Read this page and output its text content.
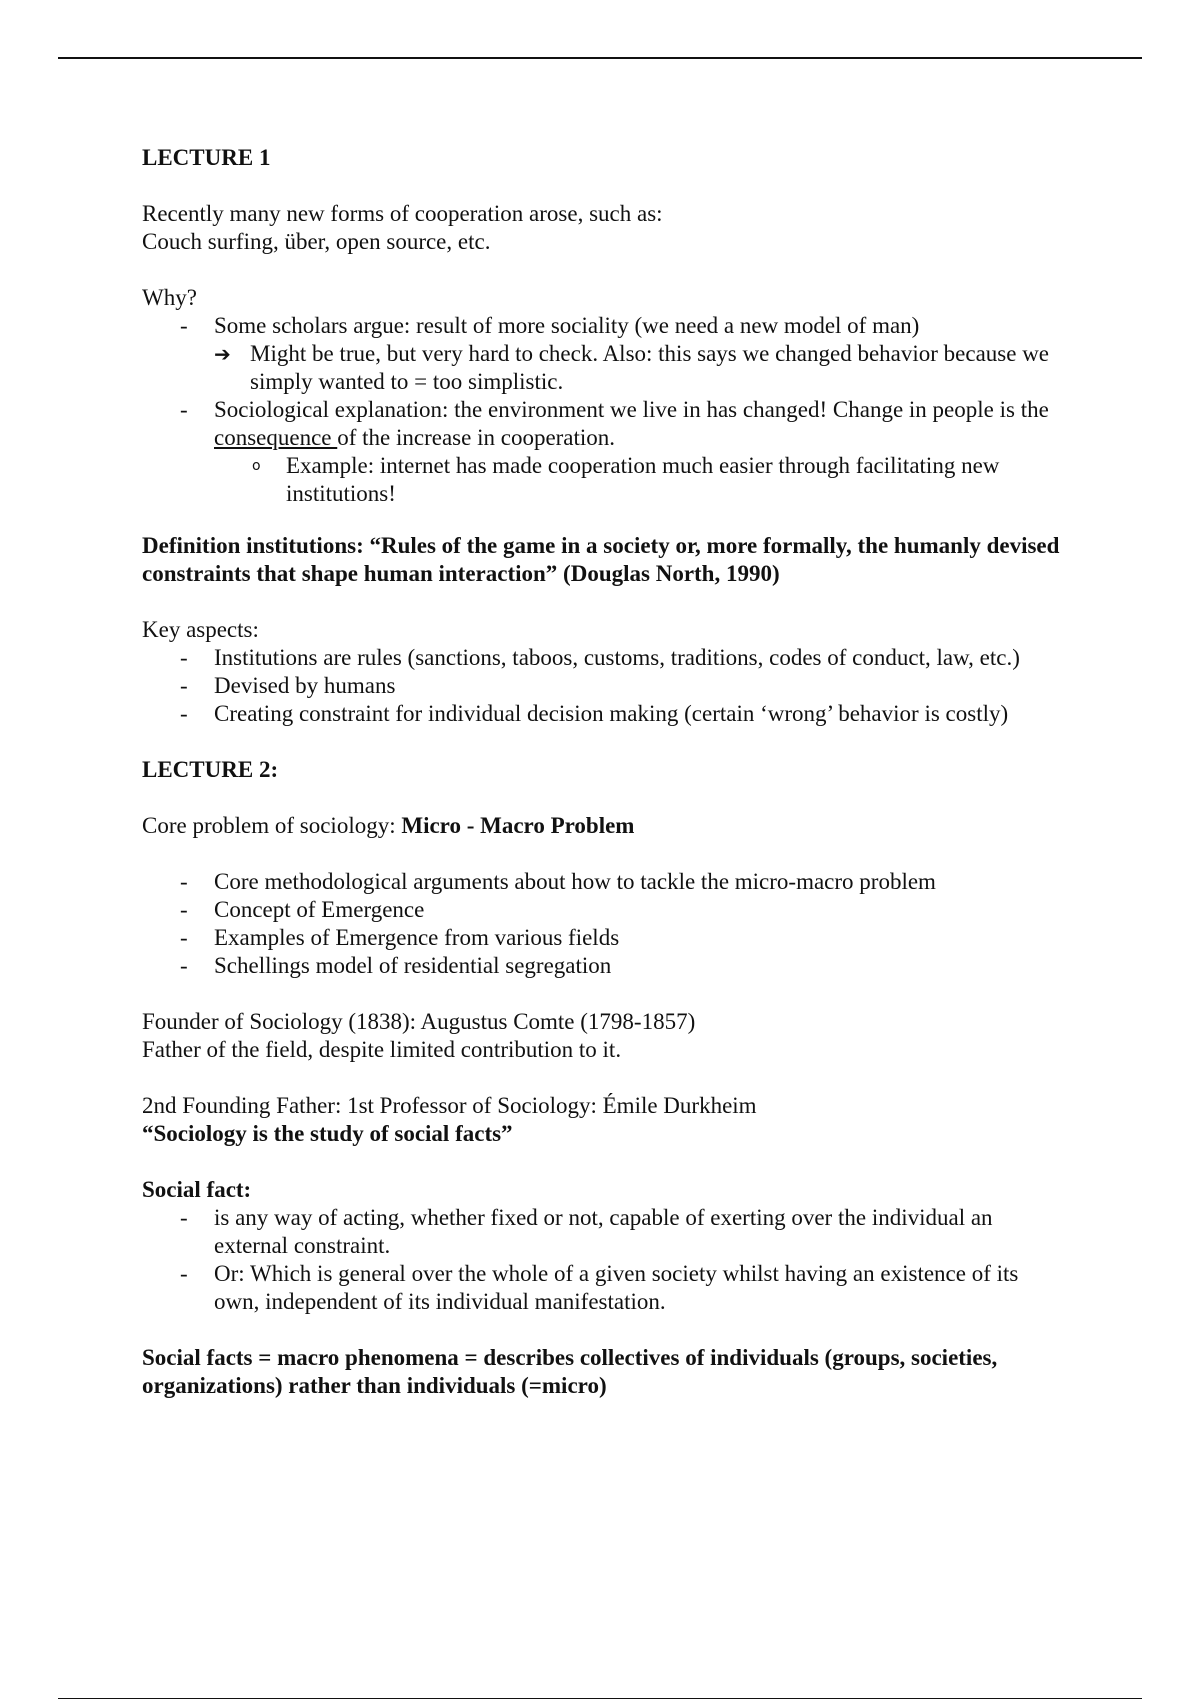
LECTURE 1

Recently many new forms of cooperation arose, such as:

Couch surfing, über, open source, etc.

Why?

- Some scholars argue: result of more sociality (we need a new model of man)
➔ Might be true, but very hard to check. Also: this says we changed behavior because we simply wanted to = too simplistic.
- Sociological explanation: the environment we live in has changed! Change in people is the consequence of the increase in cooperation.
o Example: internet has made cooperation much easier through facilitating new institutions!

Definition institutions: “Rules of the game in a society or, more formally, the humanly devised constraints that shape human interaction” (Douglas North, 1990)

Key aspects:

- Institutions are rules (sanctions, taboos, customs, traditions, codes of conduct, law, etc.)
- Devised by humans
- Creating constraint for individual decision making (certain ‘wrong’ behavior is costly)

LECTURE 2:

Core problem of sociology: Micro - Macro Problem

- Core methodological arguments about how to tackle the micro-macro problem
- Concept of Emergence
- Examples of Emergence from various fields
- Schellings model of residential segregation

Founder of Sociology (1838): Augustus Comte (1798-1857)

Father of the field, despite limited contribution to it.

2nd Founding Father: 1st Professor of Sociology: Émile Durkheim

“Sociology is the study of social facts”

Social fact:

- is any way of acting, whether fixed or not, capable of exerting over the individual an external constraint.
- Or: Which is general over the whole of a given society whilst having an existence of its own, independent of its individual manifestation.

Social facts = macro phenomena = describes collectives of individuals (groups, societies, organizations) rather than individuals (=micro)
